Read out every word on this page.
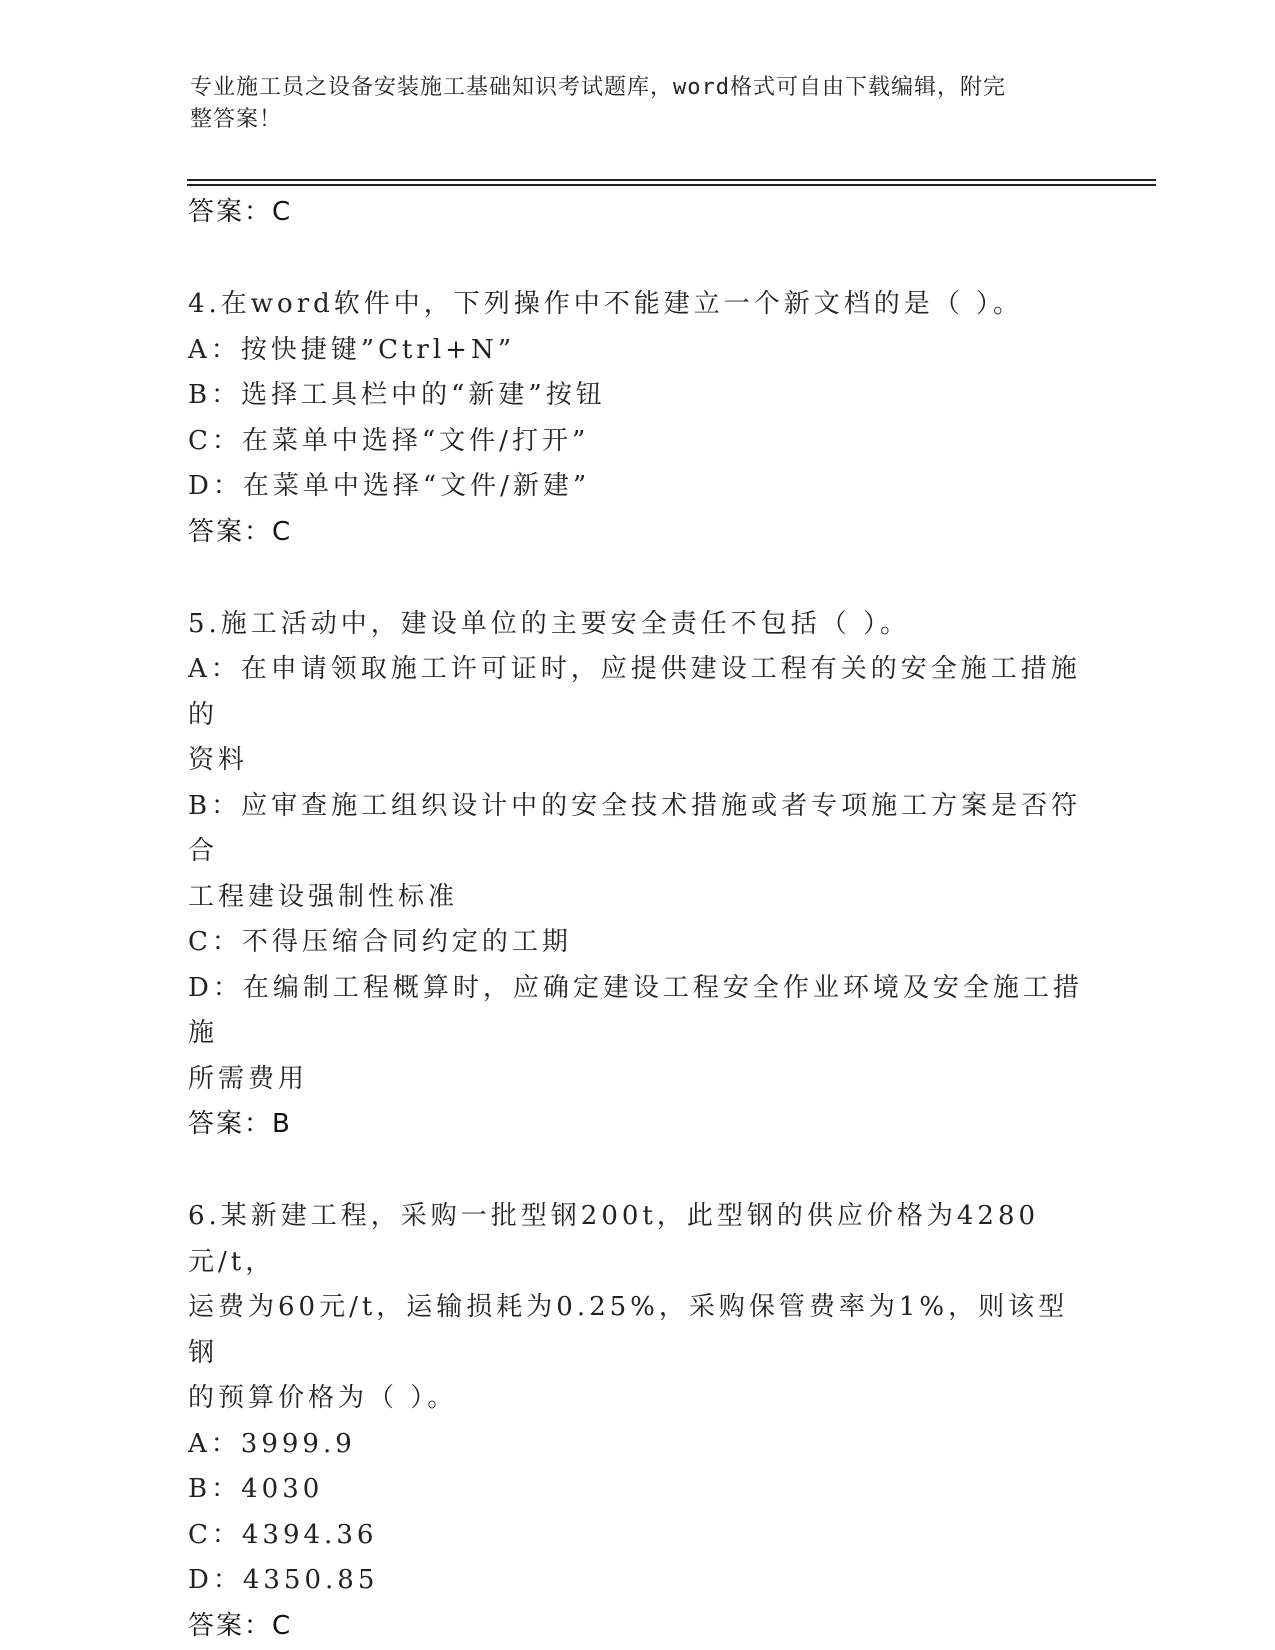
专业施工员之设备安装施工基础知识考试题库，word格式可自由下载编辑，附完
整答案！
答案：C
4.在word软件中，下列操作中不能建立一个新文档的是（ ）。
A：按快捷键”Ctrl+N”
B：选择工具栏中的“新建”按钮
C：在菜单中选择“文件/打开”
D：在菜单中选择“文件/新建”
答案：C
5.施工活动中，建设单位的主要安全责任不包括（ ）。
A：在申请领取施工许可证时，应提供建设工程有关的安全施工措施的
资料
B：应审查施工组织设计中的安全技术措施或者专项施工方案是否符合
工程建设强制性标准
C：不得压缩合同约定的工期
D：在编制工程概算时，应确定建设工程安全作业环境及安全施工措施
所需费用
答案：B
6.某新建工程，采购一批型钢200t，此型钢的供应价格为4280元/t，
运费为60元/t，运输损耗为0.25%，采购保管费率为1%，则该型钢
的预算价格为（ ）。
A：3999.9
B：4030
C：4394.36
D：4350.85
答案：C
